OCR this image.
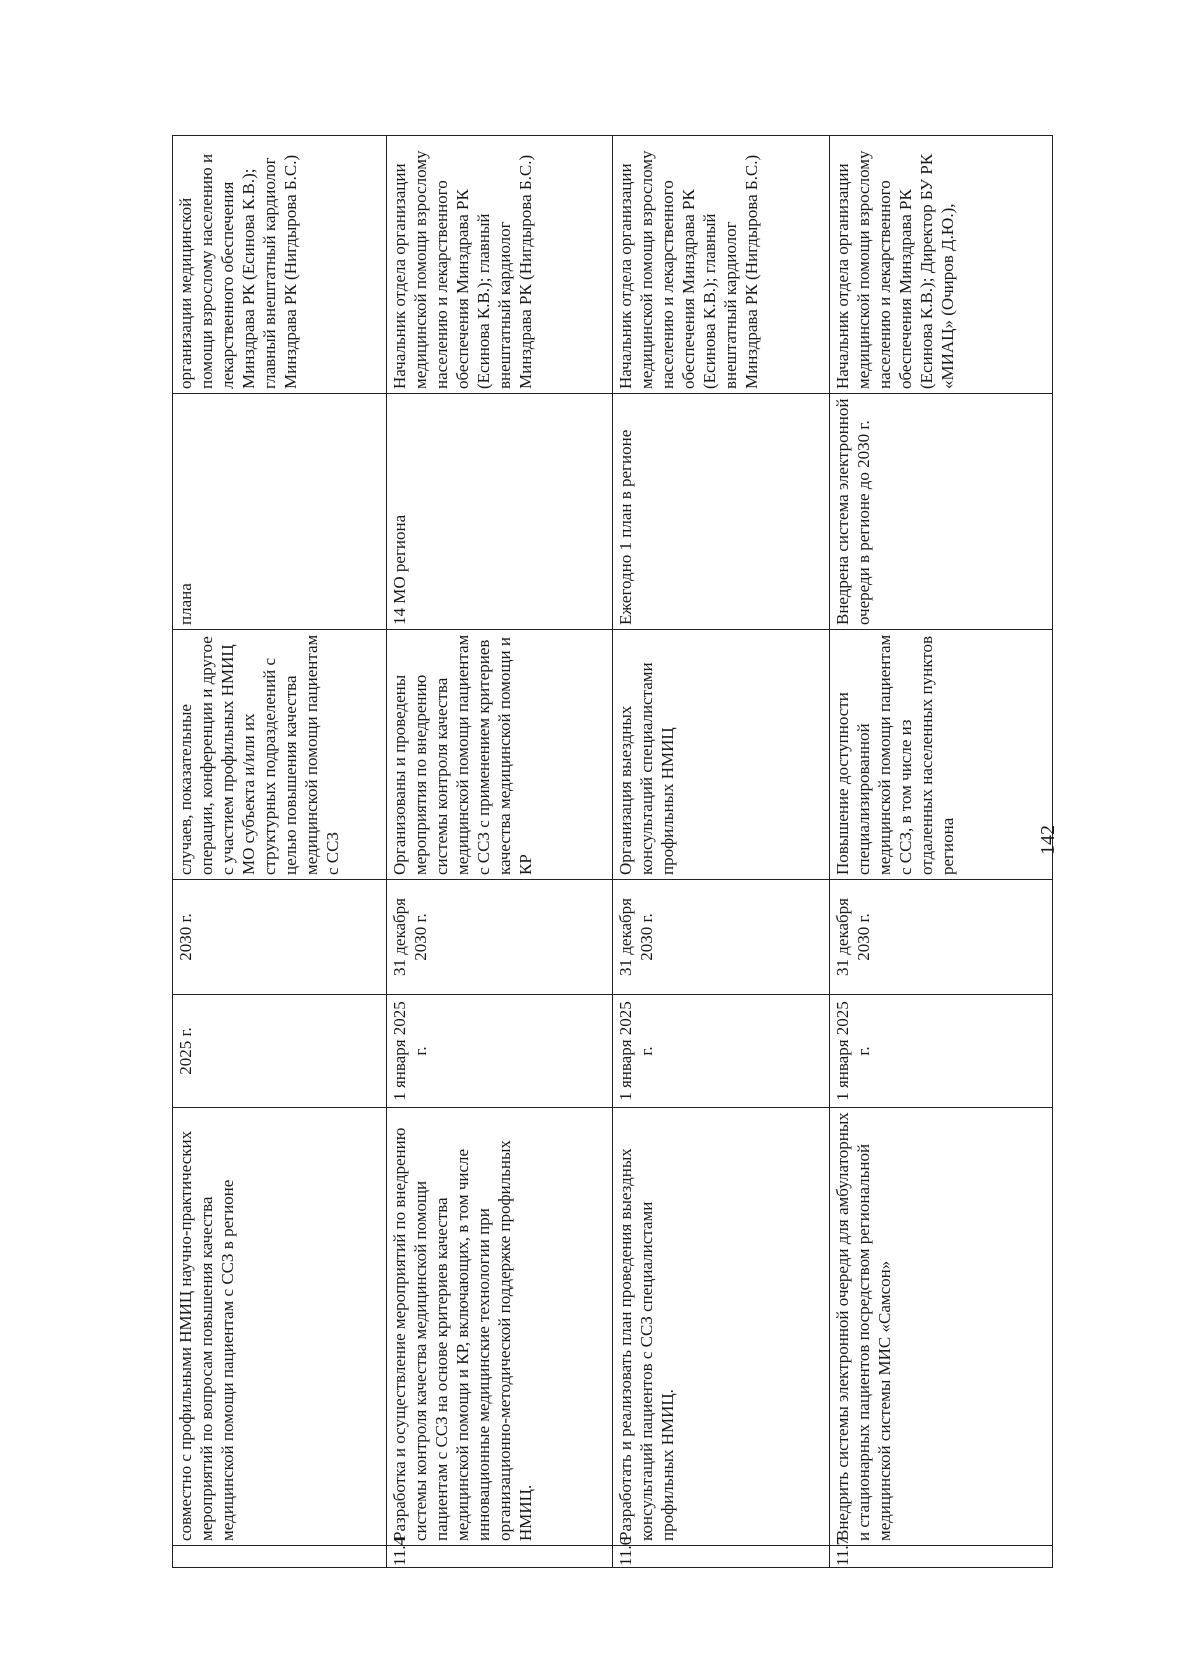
	совместно с профильными НМИЦ научно-практических мероприятий по вопросам повышения качества медицинской помощи пациентам с ССЗ в регионе	2025 г.	2030 г.	случаев, показательные операции, конференции и другое с участием профильных НМИЦ МО субъекта и/или их структурных подразделений с целью повышения качества медицинской помощи пациентам с ССЗ	плана	организации медицинской помощи взрослому населению и лекарственного обеспечения Минздрава РК (Есинова К.В.); главный внештатный кардиолог Минздрава РК (Нигдырова Б.С.)
11.4	Разработка и осуществление мероприятий по внедрению системы контроля качества медицинской помощи пациентам с ССЗ на основе критериев качества медицинской помощи и КР, включающих, в том числе инновационные медицинские технологии при организационно-методической поддержке профильных НМИЦ.	1 января 2025 г.	31 декабря 2030 г.	Организованы и проведены мероприятия по внедрению системы контроля качества медицинской помощи пациентам с ССЗ с применением критериев качества медицинской помощи и КР	14 МО региона	Начальник отдела организации медицинской помощи взрослому населению и лекарственного обеспечения Минздрава РК (Есинова К.В.); главный внештатный кардиолог Минздрава РК (Нигдырова Б.С.)
11.6	Разработать и реализовать план проведения выездных консультаций пациентов с ССЗ специалистами профильных НМИЦ.	1 января 2025 г.	31 декабря 2030 г.	Организация выездных консультаций специалистами профильных НМИЦ	Ежегодно 1 план в регионе	Начальник отдела организации медицинской помощи взрослому населению и лекарственного обеспечения Минздрава РК (Есинова К.В.); главный внештатный кардиолог Минздрава РК (Нигдырова Б.С.)
11.7	Внедрить системы электронной очереди для амбулаторных и стационарных пациентов посредством региональной медицинской системы МИС «Самсон»	1 января 2025 г.	31 декабря 2030 г.	Повышение доступности специализированной медицинской помощи пациентам с ССЗ, в том числе из отдаленных населенных пунктов региона	Внедрена система электронной очереди в регионе до 2030 г.	Начальник отдела организации медицинской помощи взрослому населению и лекарственного обеспечения Минздрава РК (Есинова К.В.); Директор БУ РК «МИАЦ» (Очиров Д.Ю.),
142
